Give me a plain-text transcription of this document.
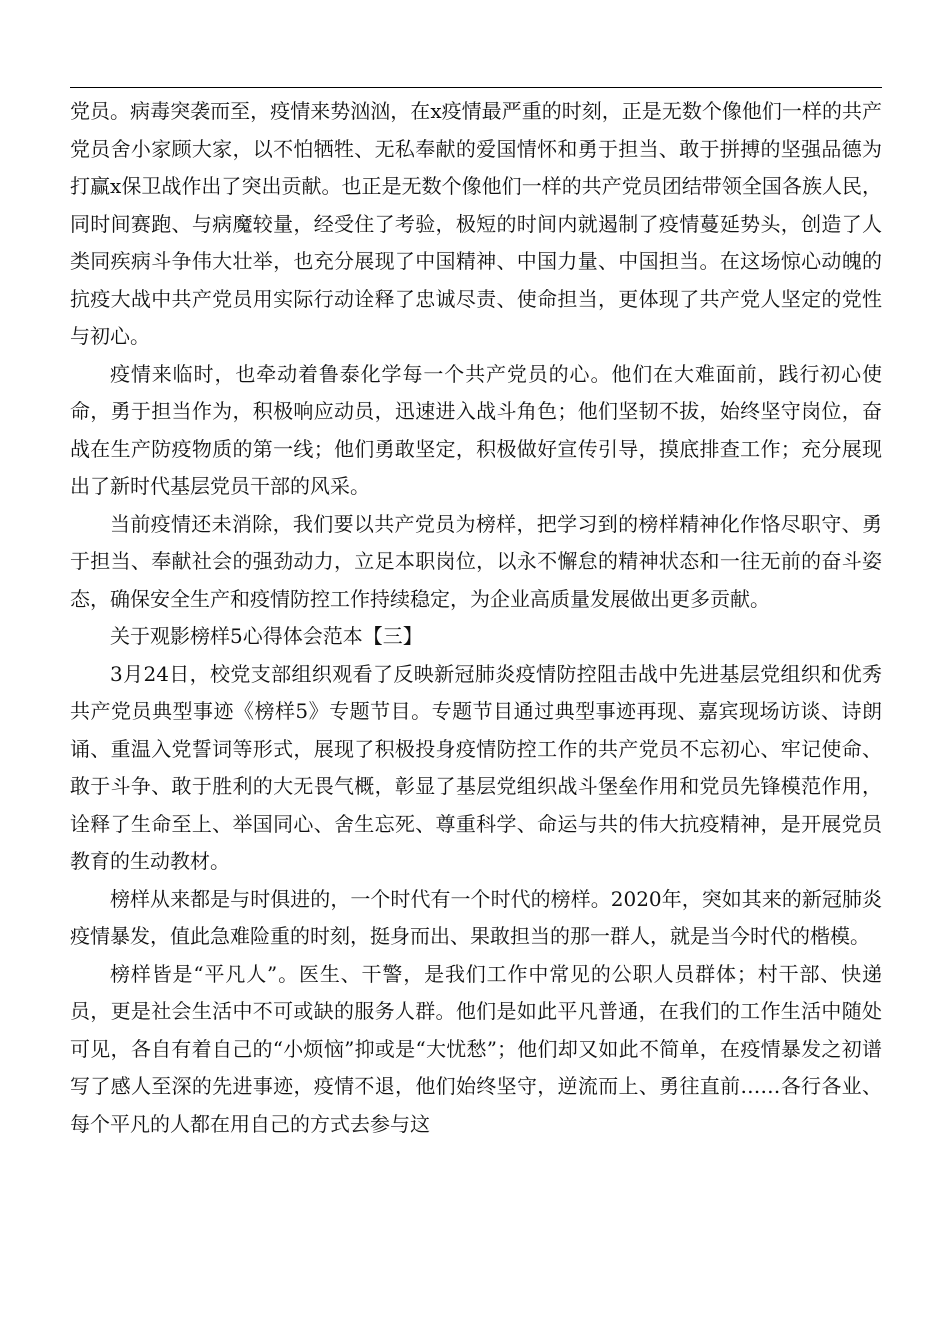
党员。病毒突袭而至，疫情来势汹汹，在x疫情最严重的时刻，正是无数个像他们一样的共产党员舍小家顾大家，以不怕牺牲、无私奉献的爱国情怀和勇于担当、敢于拼搏的坚强品德为打赢x保卫战作出了突出贡献。也正是无数个像他们一样的共产党员团结带领全国各族人民，同时间赛跑、与病魔较量，经受住了考验，极短的时间内就遏制了疫情蔓延势头，创造了人类同疾病斗争伟大壮举，也充分展现了中国精神、中国力量、中国担当。在这场惊心动魄的抗疫大战中共产党员用实际行动诠释了忠诚尽责、使命担当，更体现了共产党人坚定的党性与初心。

疫情来临时，也牵动着鲁泰化学每一个共产党员的心。他们在大难面前，践行初心使命，勇于担当作为，积极响应动员，迅速进入战斗角色；他们坚韧不拔，始终坚守岗位，奋战在生产防疫物质的第一线；他们勇敢坚定，积极做好宣传引导，摸底排查工作；充分展现出了新时代基层党员干部的风采。

当前疫情还未消除，我们要以共产党员为榜样，把学习到的榜样精神化作恪尽职守、勇于担当、奉献社会的强劲动力，立足本职岗位，以永不懈怠的精神状态和一往无前的奋斗姿态，确保安全生产和疫情防控工作持续稳定，为企业高质量发展做出更多贡献。

关于观影榜样5心得体会范本【三】

3月24日，校党支部组织观看了反映新冠肺炎疫情防控阻击战中先进基层党组织和优秀共产党员典型事迹《榜样5》专题节目。专题节目通过典型事迹再现、嘉宾现场访谈、诗朗诵、重温入党誓词等形式，展现了积极投身疫情防控工作的共产党员不忘初心、牢记使命、敢于斗争、敢于胜利的大无畏气概，彰显了基层党组织战斗堡垒作用和党员先锋模范作用，诠释了生命至上、举国同心、舍生忘死、尊重科学、命运与共的伟大抗疫精神，是开展党员教育的生动教材。

榜样从来都是与时俱进的，一个时代有一个时代的榜样。2020年，突如其来的新冠肺炎疫情暴发，值此急难险重的时刻，挺身而出、果敢担当的那一群人，就是当今时代的楷模。

榜样皆是“平凡人”。医生、干警，是我们工作中常见的公职人员群体；村干部、快递员，更是社会生活中不可或缺的服务人群。他们是如此平凡普通，在我们的工作生活中随处可见，各自有着自己的“小烦恼”抑或是“大忧愁”；他们却又如此不简单，在疫情暴发之初谱写了感人至深的先进事迹，疫情不退，他们始终坚守，逆流而上、勇往直前……各行各业、每个平凡的人都在用自己的方式去参与这
